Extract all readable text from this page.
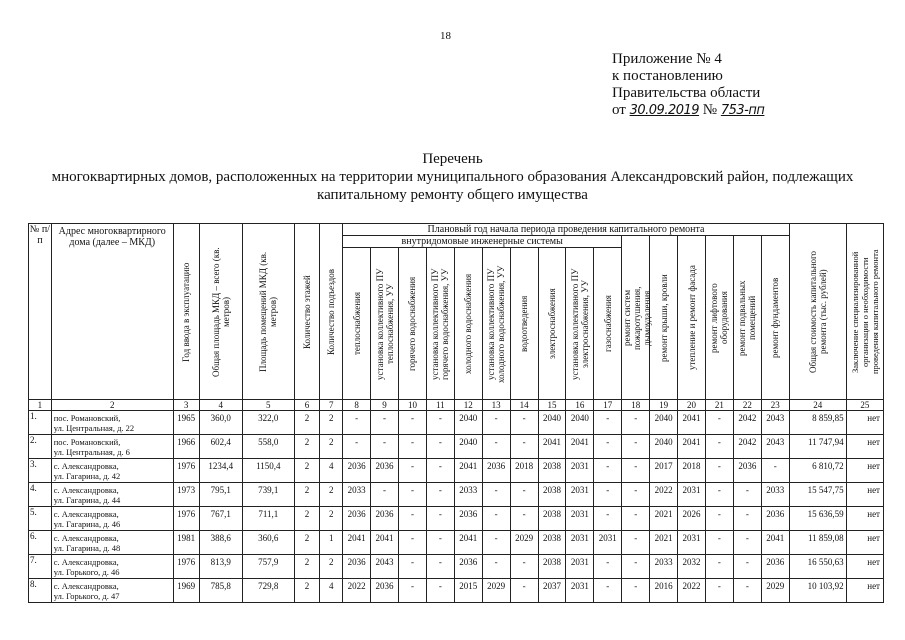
18
Приложение № 4
к постановлению
Правительства области
от 30.09.2019 № 753-пп
Перечень
многоквартирных домов, расположенных на территории муниципального образования Александровский район, подлежащих
капитальному ремонту общего имущества
№ п/п	Адрес многоквартирного дома (далее – МКД)	Год ввода в эксплуатацию	Общая площадь МКД – всего (кв. метров)	Площадь помещений МКД (кв. метров)	Количество этажей	Количество подъездов	Плановый год начала периода проведения капитального ремонта																Общая стоимость капитального ремонта (тыс. рублей)	Заключение специализированной организации о необходимости проведения капитального ремонта

							внутридомовые инженерные системы										ремонт систем пожаротушения, дымоудаления	ремонт крыши, кровли	утепление и ремонт фасада	ремонт лифтового оборудования	ремонт подвальных помещений	ремонт фундаментов		

							теплоснабжения	установка коллективного ПУ теплоснабжения, УУ	горячего водоснабжения	установка коллективного ПУ горячего водоснабжения, УУ	холодного водоснабжения	установка коллективного ПУ холодного водоснабжения, УУ	водоотведения	электроснабжения	установка коллективного ПУ электроснабжения, УУ	газоснабжения								

1	2	3	4	5	6	7	8	9	10	11	12	13	14	15	16	17	18	19	20	21	22	23	24	25
1.	пос. Романовский,
ул. Центральная, д. 22	1965	360,0	322,0	2	2	-	-	-	-	2040	-	-	2040	2040	-	-	2040	2041	-	2042	2043	8 859,85	нет
2.	пос. Романовский,
ул. Центральная, д. 6	1966	602,4	558,0	2	2	-	-	-	-	2040	-	-	2041	2041	-	-	2040	2041	-	2042	2043	11 747,94	нет
3.	с. Александровка,
ул. Гагарина, д. 42	1976	1234,4	1150,4	2	4	2036	2036	-	-	2041	2036	2018	2038	2031	-	-	2017	2018	-	2036	-	6 810,72	нет
4.	с. Александровка,
ул. Гагарина, д. 44	1973	795,1	739,1	2	2	2033	-	-	-	2033	-	-	2038	2031	-	-	2022	2031	-	-	2033	15 547,75	нет
5.	с. Александровка,
ул. Гагарина, д. 46	1976	767,1	711,1	2	2	2036	2036	-	-	2036	-	-	2038	2031	-	-	2021	2026	-	-	2036	15 636,59	нет
6.	с. Александровка,
ул. Гагарина, д. 48	1981	388,6	360,6	2	1	2041	2041	-	-	2041	-	2029	2038	2031	2031	-	2021	2031	-	-	2041	11 859,08	нет
7.	с. Александровка,
ул. Горького, д. 46	1976	813,9	757,9	2	2	2036	2043	-	-	2036	-	-	2038	2031	-	-	2033	2032	-	-	2036	16 550,63	нет
8.	с. Александровка,
ул. Горького, д. 47	1969	785,8	729,8	2	4	2022	2036	-	-	2015	2029	-	2037	2031	-	-	2016	2022	-	-	2029	10 103,92	нет
